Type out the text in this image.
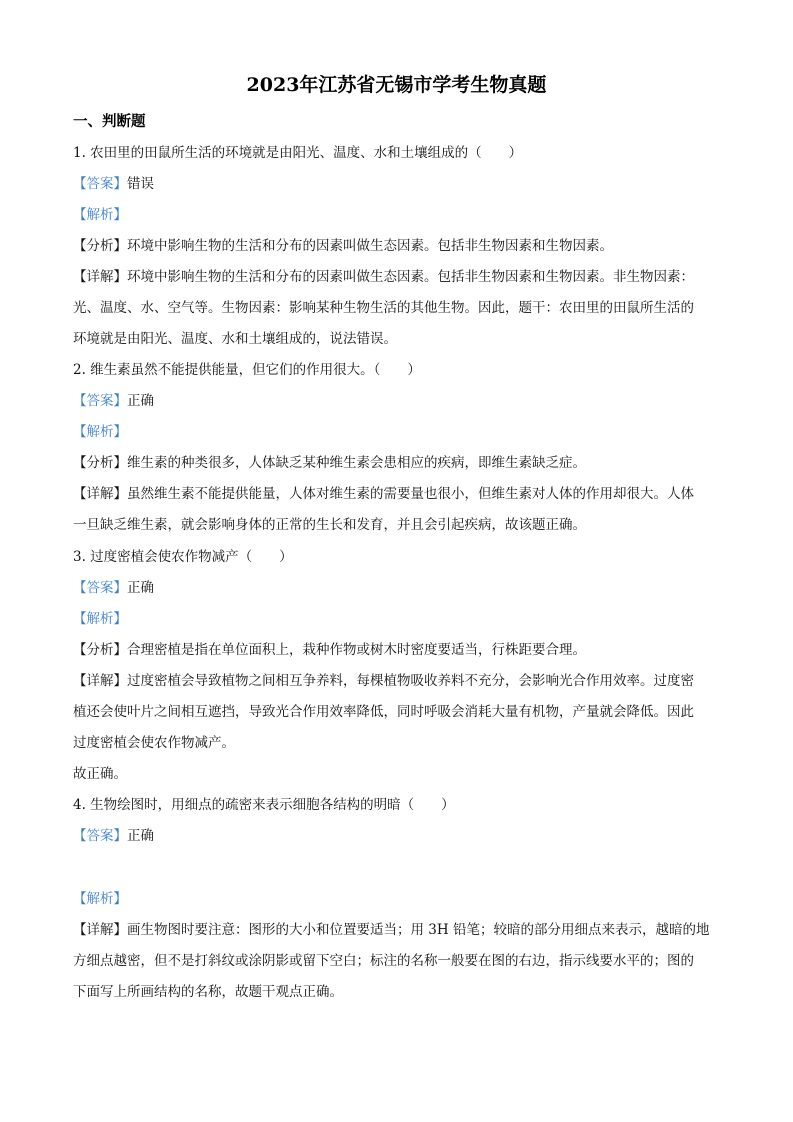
2023年江苏省无锡市学考生物真题
一、判断题
1. 农田里的田鼠所生活的环境就是由阳光、温度、水和土壤组成的（　　）
【答案】错误
【解析】
【分析】环境中影响生物的生活和分布的因素叫做生态因素。包括非生物因素和生物因素。
【详解】环境中影响生物的生活和分布的因素叫做生态因素。包括非生物因素和生物因素。非生物因素：
光、温度、水、空气等。生物因素：影响某种生物生活的其他生物。因此，题干：农田里的田鼠所生活的
环境就是由阳光、温度、水和土壤组成的，说法错误。
2. 维生素虽然不能提供能量，但它们的作用很大。（　　）
【答案】正确
【解析】
【分析】维生素的种类很多，人体缺乏某种维生素会患相应的疾病，即维生素缺乏症。
【详解】虽然维生素不能提供能量，人体对维生素的需要量也很小，但维生素对人体的作用却很大。人体
一旦缺乏维生素，就会影响身体的正常的生长和发育，并且会引起疾病，故该题正确。
3. 过度密植会使农作物减产（　　）
【答案】正确
【解析】
【分析】合理密植是指在单位面积上，栽种作物或树木时密度要适当，行株距要合理。
【详解】过度密植会导致植物之间相互争养料，每棵植物吸收养料不充分，会影响光合作用效率。过度密
植还会使叶片之间相互遮挡，导致光合作用效率降低，同时呼吸会消耗大量有机物，产量就会降低。因此
过度密植会使农作物减产。
故正确。
4. 生物绘图时，用细点的疏密来表示细胞各结构的明暗（　　）
【答案】正确
【解析】
【详解】画生物图时要注意：图形的大小和位置要适当；用 3H 铅笔；较暗的部分用细点来表示，越暗的地
方细点越密，但不是打斜纹或涂阴影或留下空白；标注的名称一般要在图的右边，指示线要水平的；图的
下面写上所画结构的名称，故题干观点正确。
